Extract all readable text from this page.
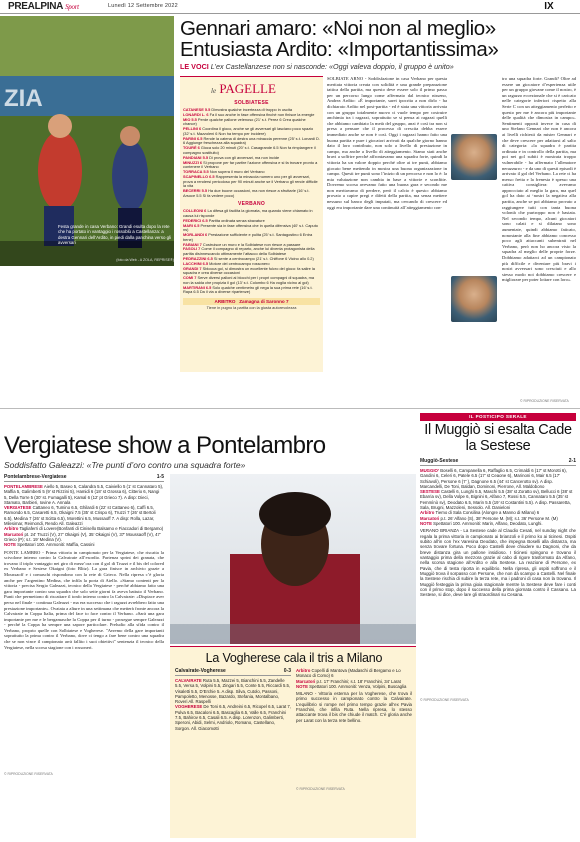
PREALPINA Sport	Lunedì 12 Settembre 2022	IX
ZIA
Festa grande in casa Verbano: Grandi esulta dopo la rete che ha portato in vantaggio i rossoblù a Castellanza: a destra Gennari dell’Ardito, in piedi dalla panchina verso gli avversari
(foto da Web - A ZOLA, REPRISE®)
Gennari amaro: «Noi non al meglio»
Entusiasta Ardito: «Importantissima»
LE VOCI L’ex Castellanzese non si nasconde: «Oggi valeva doppio, il gruppo è unito»
le PAGELLE
SOLBIATESE
CATANESE 5.5 Dimostra qualche incertezza di troppo in uscita
LONARDI L. 6 Fa il suo anche in fase offensiva finché non finisce la energie
MIO 5.5 Perde qualche pallone velenoso (21’ s.t. Perez 6 Crea qualche chance)
PELLINI 6 Coordina il gioco, anche se gli avversari gli lasciano poco spazio (32’ s.t. Mazzoleni 6 Non ha tempo per incidere)
PARINI 6.5 Rende la catena di destra una minaccia perenne (25’ s.t. Lonardi D. 6 Aggiunge freschezza alla squadra)
TOURÉ 6 Gioca solo 20 minuti (20’ s.t. Casagrande 6.5 Non fa rimpiangere il compagno sostituito)
PANDIANI 5.5 Di prova con gli avversari, ma non incide
MINUZZI 6 Si propone per far partire l’azione offensiva e si fa trovare pronto a contenere il Verbano
TORRACA 5.5 Non supera il muro del Verbano
SCAPINELLO 6.5 Rappresenta la minaccia numero uno per gli avversari, prova a rendersi pericoloso per 90 minuti anche se il Verbano gli rende difficile la vita
BECERRI 5.5 Ha due buone occasioni, ma non riesce a sfruttarle (16’ s.t. Arsoce 5.5 Si fa vedere poco)
VERBANO
COLLEONI 6 La difesa gli facilita la giornata, ma quando viene chiamato in causa lui risponde
FEDERICI 6.5 Partita ordinata senza sbavature
MARI 6.5 Presente sia in fase offensiva che in quella difensiva (40’ s.t. Caputo ns)
MORLANDI 6 Prestazione sufficiente e pulita (25’ s.t. Santagostino 6 Entra bene)
FABIANI 7 Costruisce un muro e la Solbiatese non riesce a passare
FASOLI 7 Come il compagno di reparto, anche lui diventa protagonista della partita disinnescando ottimamente l’attacco della Solbiatese
PEDRAZZINI 6.5 Si sente a centrocampo (21’ s.t. Chiffone 6 Vicino allo 0.2)
LACCHINI 6.5 Motore del centrocampo rossonero
GRANDI 7 Sblocca gol, si dimostra un eccellente fulcro del gioco: fa salire la squadra e crea diverse occasioni
COMI 7 Serve diversi palloni ai blocchi per i propri compagni di squadra, ma non la salda che propizia il gol (13’ s.t. Colombo 6 Ha voglia vicino al gol)
MARTIRANI 6.5 Solo qualche centimetro gli nega la sua prima rete (16’ s.t. Rapa 6.5 Da il via a diverse ripartenze)
ARBITRO Zamagna di Saronno 7
Tiene in pugno la partita con la giusta autorevolezza
SOLBIATE ARNO - Soddisfazione in casa Verbano per questa meritata vittoria creata con solidità e una grande preparazione tattica della partita, ma questo deve essere solo il primo passo per un percorso lungo come affermato dal tecnico nisseno, Andrea Ardito: «È importante, sarei ipocrita a non dirlo - ha dichiarato Ardito nel post-partita - ed è stata una vittoria arrivata con un gruppo totalmente nuovo ci vuole tempo per costruire anchimia tra i ragazzi, soprattutto se si pensa ai ragazzi quelli che abbiamo cambiato la metà del gruppo, anzi è così tra non si presa a pensare che il processo di crescita debba essere immediato anche se non è così. Oggi i ragazzi hanno fatto una buona partita e pure i giocatori arrivati da qualche giorno hanno dato il loro contributo, non solo a livello di prestazione in campo, ma anche a livello di atteggiamento. Siamo stati anche bravi a soffrire perché affrontavamo una squadra forte, quindi la vittoria ha un valore doppio perché oltre ai tre punti, abbiamo giocato bene mettendo in mostra una buona organizzazione in campo. Questi tre punti sono l’inizio di un percorso e non lo è: la mia valutazione non cambia in base a vittorie e sconfitte. Dovremo scorsa avevamo fatto una buona gara e secondo me non meritavamo di perdere, però il calcio è questo: abbiamo provato a capire pregi e difetti della partita, ma senza mettere nessuno sul banco degli imputati, ma cercando di crescere ed oggi era importante dare una continuità all’atteggiamento con-
tro una squadra forte. Grandi? Oltre ad essere un giocatore d’esperienza utile per un gruppo giovane come il nostro, è un ragazzo eccezionale che si è caricato nelle categorie inferiori rispetto alla Serie C con un atteggiamento perfetto e questo per me è ancora più importante delle qualità che dimostra in campo». Sentimenti opposti invece in casa di uno Stefano Gennari che non è ancora ai livelli richiesti da mister Gennari e che deve crescere per adattarsi al salto di categoria: «la squadra è partita ordinata e in controllo della partita, ma poi nei gol subiti è mostrata troppo vulnerabile - ha affermato l’allenatore nerazzurro - e da uno di questi episodi è arrivato il gol del Verbano. La rete ci ha messo fretta e la frenesia è spesso una cattiva consigliera: avevamo approcciato al meglio la gara, ma quel gol ha dato ai ‘nostri la negativa alla partita, anche se poi abbiamo provato a raggiungere tutti con tanta buona volontà che purtroppo non è bastata. Nel secondo tempo, alcuni giocatori sono calati e si dilatano sono aumentate, quindi abbiamo faticato, nonostante alla fine abbiamo concesso poco agli attaccanti subentrati nel Verbano, però non ho ancora visto la squadra al meglio delle proprie forze. Dobbiamo adattarci ad un campionato più difficile e diventare più bravi i nostri avversari sono cresciuti e allo stesso modo noi dobbiamo crescere e migliorare per poter lottare con loro».
© RIPRODUZIONE RISERVATA
Vergiatese show a Pontelambro
Soddisfatto Galeazzi: «Tre punti d’oro contro una squadra forte»
Pontelambrese-Vergiatese	1-5
PONTELAMBRESE Aiello 5, Baseo 5, Calandra 5.5, Caiviello 5 (1’ st Cannataro 5), Maffia 5, Galimberti 5 (9’ st Rizzini 5), Hamidi 6 (18’ st Grossa 6), Citterio 6, Nangi 5, Della Torre 5 (30’ st. Fumagalli 5), Kamal 6 (12’ pt Grieco 7). A disp: Dieci, Stamato, Barbieri, Iovine A. Annala
VERGIATESE Cattaneo 6, Tumino 6.5, Ghilardi 6 (22’ st Cattaneo 6), Caffi 6.5, Ramondo 6.5, Casaretti 6.5, Okaigni 7.5 (35’ st Crispo 6), Truzzi 7 (26’ st Bertoli 6.5), Medina 7 (26’ st Scitta 6.5), Morettini 6.5, Mussaoff 7. A disp: Rolla, Lazar, Milesimar, Reimondi, Rendo All. Galeazzi
Arbitro Tagliaferri di Lovere(Bonfanti di Cinisello Balsamo e Fiaccadori di Bergamo)
Marcatori pt. 24’ Truzzi (V), 27’ Okaigni (V), 35’ Okaigni (V), 37’ Moussaoff (V), 47’ Grieco (P); s.t. 19’ Medina (V).
NOTE Spettatori 100. Ammoniti: Maffia, Cassini
PONTE LAMBRO - Prima vittoria in campionato per la Vergiatese, che riscatta la scivolone interno contro la Calvairate all’esordio. Partenza sprint dei granata, che trovano il triplo vantaggio nei giro di mezz’ora con il gol di Truzzi e il bis del colored ex Verbano e Sestese Okaigni (foto Blitz). La gara finisce in archivio grazie a Moussaoff e i comaschi rispondono con la rete di Grieco. Nella ripresa c’è gloria anche per l’argentino Medina, che infila la porta di Aiello. «Siamo contenti per la vittoria - precisa Sergio Galeazzi, tecnico della Vergiatese - perché abbiamo fatto una gara importante contro una squadra che solo sette giorni fa aveva battuto il Verbano. Punti che permettono di riscattare il tonfo interno contro la Calvairate: «Dispiace aver perso nel finale - continua Galeazzi - ma era successo che i ragazzi avrebbero fatto una prestazione importante». Ovatata a alture in una settimana che metterà fronte ancora la Calvairate in Coppa Italia, prima del face to face contro il Verbano. «Sarà una gara importante per me e le bergamasche la Coppa per il turno - prosegue sempre Galeazzi - perché la Coppa ha sempre una sapore particolare. Preludio alla sfida contro il Verbano, proprio quelle con Solbiatese e Vogherese. "Avremo della gare importanti soprattutto la prima contro il Verbano, dove ci tengo a fare bene contro una squadra che se non vince il campionato arrà fallito i suoi obiettivi" sentenzia il tecnico della Vergiatese, nella scorsa stagione con i rossoneri.
© RIPRODUZIONE RISERVATA
La Vogherese cala il tris a Milano
Calvairate-Vogherese	0-3
CALVAIRATE Ruta 5.5, Mazzei 5, Bianchini 5.5, Zandelle 5.5, Versa 5, Volpini 5.5, Zingari 5.5, Conte 5.5, Riccardi 5.5, Visaletti 5.5, D’Erchie 5. A disp. Silva, Cutolo, Passoni, Pampoletto, Menosse, Bazardo, Stefania, Montalbano, Roveri All. Raspelli
VOGHERESE De Toni 6.5, Andreini 6.5, Ricopel 6.5, Larat 7, Pulva 6.5, Bacaloni 6.5, Bascaglia 6.5, Valle 6.5, Franchini 7.5, Bahirov 6.5, Casali 6.5. A disp. Lorenzon, Galimberti, Speroni, Abidi, Selmi, Andriolo, Romano, Castellano, Sorgon. All. Giacomotti
Arbitro Copelli di Mantova (Madaschi di Bergamo e Lo Monaco di Como) 6
Marcatori p.t. 17’ Franchini; s.t. 18’ Franchini, 34’ Larat
NOTE Spettatori 100. Ammoniti: Venza, Volpini, Buscaglia
MILANO - Vittoria esterna per la Vogherese, che trova il primo successo in campionato contro la Calvairate. L’equilibrio si rompe nel primo tempo grazie all’ex Pavia Franchini, che infila Ruta. Nella ripresa, lo stesso attaccante trova il bis che chiude il match. C’è gloria anche per Larat con la terza rete bellino.
© RIPRODUZIONE RISERVATA
IL POSTICIPO SERALE
Il Muggiò si esalta Cade la Sestese
Muggiò-Sestese	2-1
MUGGIO’ Boselli 6, Campanella 6, Raffaglio 6.5, Crimaldi 6 (17’ st Morotti 6), Gandini 6, Celeri 6, Patele 6.5 (17’ st Ceaone 6), Marinoni 6, Mair 6.5 (17’ Schiavoli), Persone 6 (7’ ), Dagnone 6.5 (44’ st Cancerotto sv). A disp. Marcandelli, De Toni, Baldan, Dominoni, Pierrone, All. Maldobono
SESTESE Castelli 6, Lunghi 5.5, Maschi 5.5 (38’ st Zoratto sv), Bellucci 6 (38’ st Ebarria sv), Della Volpe 6, Bignini 6, Alfano 7, Rossi 5.5, Cannataro 5.5 (35’ st Femmìnò sv), Deodato 6.5, Marin 5.5 (19’ st Costantini 5.5). A disp. Passaretta, Sala, Brugni, Mazzoleni, Sessolo. All. Danieloni
Arbitro Tiemo di Sala Consilina (Alongre a Manno di Milano) 6
Marcatori p.t. 26’ Alfano (S), 38’ Persone M. (M); s.t. 36’ Persone M. (M)
NOTE Spettatori 100. Ammoniti: Marin, Alfano, Deodato, Lunghi.
VERANO BRIANZA - La Sestese cade al Claudio Cesati, nel sunday night che regala la prima vittoria in campionato ai brianzoli e il primo ko ai ticinesi. Ospiti subito all’in con l’ex Varesina Deodato, che impegna Boselli alla distanza, ma senza trovare fortuna. Poco dopo Castelli deve chiudere su Dagnoni, che da breve distanza gira un pallone insidioso. I ticinesi spingono e trovano il vantaggio prima della mezzora grazie al cabo di rigore trasformato da Alfano, nella scorsa stagione all’Ardito e alla Sestese. La reazione di Persone, ex Pavia, che di testa riporta in equilibrio. Nella ripresa, gli ospiti soffrono e il Muggiò trova il sorpasso con Persone, che non dà scampo a Castelli. Nel finale la Sestese rischia di subire la terza rete, ma i padroni di casa non la trovano. Il Muggiò festeggia la prima gioia stagionale mentre la Sestese deve fare i conti con il primo stop, dopo il successo della prima giornata contro il Cassano. La Sestese, si dice, deve lare gli straordinari su Cesana.
© RIPRODUZIONE RISERVATA
